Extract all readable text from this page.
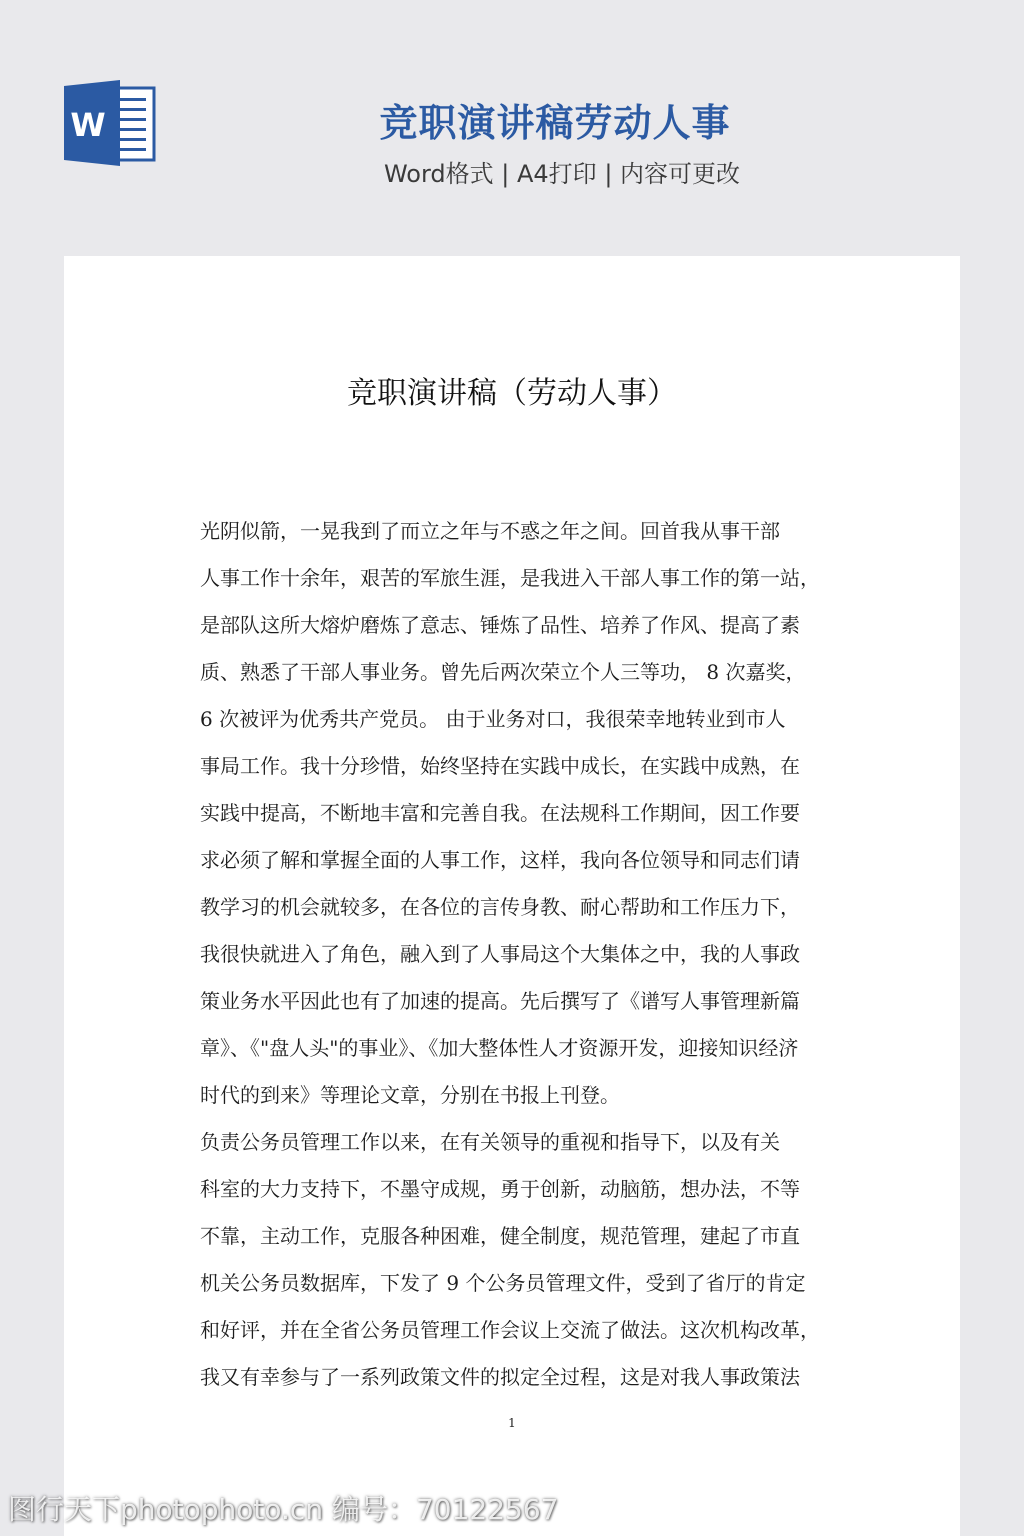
W	竞职演讲稿劳动人事
Word格式 | A4打印 | 内容可更改
竞职演讲稿（劳动人事）
光阴似箭，一晃我到了而立之年与不惑之年之间。回首我从事干部
人事工作十余年，艰苦的军旅生涯，是我进入干部人事工作的第一站，
是部队这所大熔炉磨炼了意志、锤炼了品性、培养了作风、提高了素
质、熟悉了干部人事业务。曾先后两次荣立个人三等功， 8 次嘉奖，
6 次被评为优秀共产党员。 由于业务对口，我很荣幸地转业到市人
事局工作。我十分珍惜，始终坚持在实践中成长，在实践中成熟，在
实践中提高，不断地丰富和完善自我。在法规科工作期间，因工作要
求必须了解和掌握全面的人事工作，这样，我向各位领导和同志们请
教学习的机会就较多，在各位的言传身教、耐心帮助和工作压力下，
我很快就进入了角色，融入到了人事局这个大集体之中，我的人事政
策业务水平因此也有了加速的提高。先后撰写了《谱写人事管理新篇
章》、《"盘人头"的事业》、《加大整体性人才资源开发，迎接知识经济
时代的到来》等理论文章，分别在书报上刊登。
负责公务员管理工作以来，在有关领导的重视和指导下，以及有关
科室的大力支持下，不墨守成规，勇于创新，动脑筋，想办法，不等
不靠，主动工作，克服各种困难，健全制度，规范管理，建起了市直
机关公务员数据库，下发了 9 个公务员管理文件，受到了省厅的肯定
和好评，并在全省公务员管理工作会议上交流了做法。这次机构改革，
我又有幸参与了一系列政策文件的拟定全过程，这是对我人事政策法
1
图行天下photophoto.cn 编号：70122567
